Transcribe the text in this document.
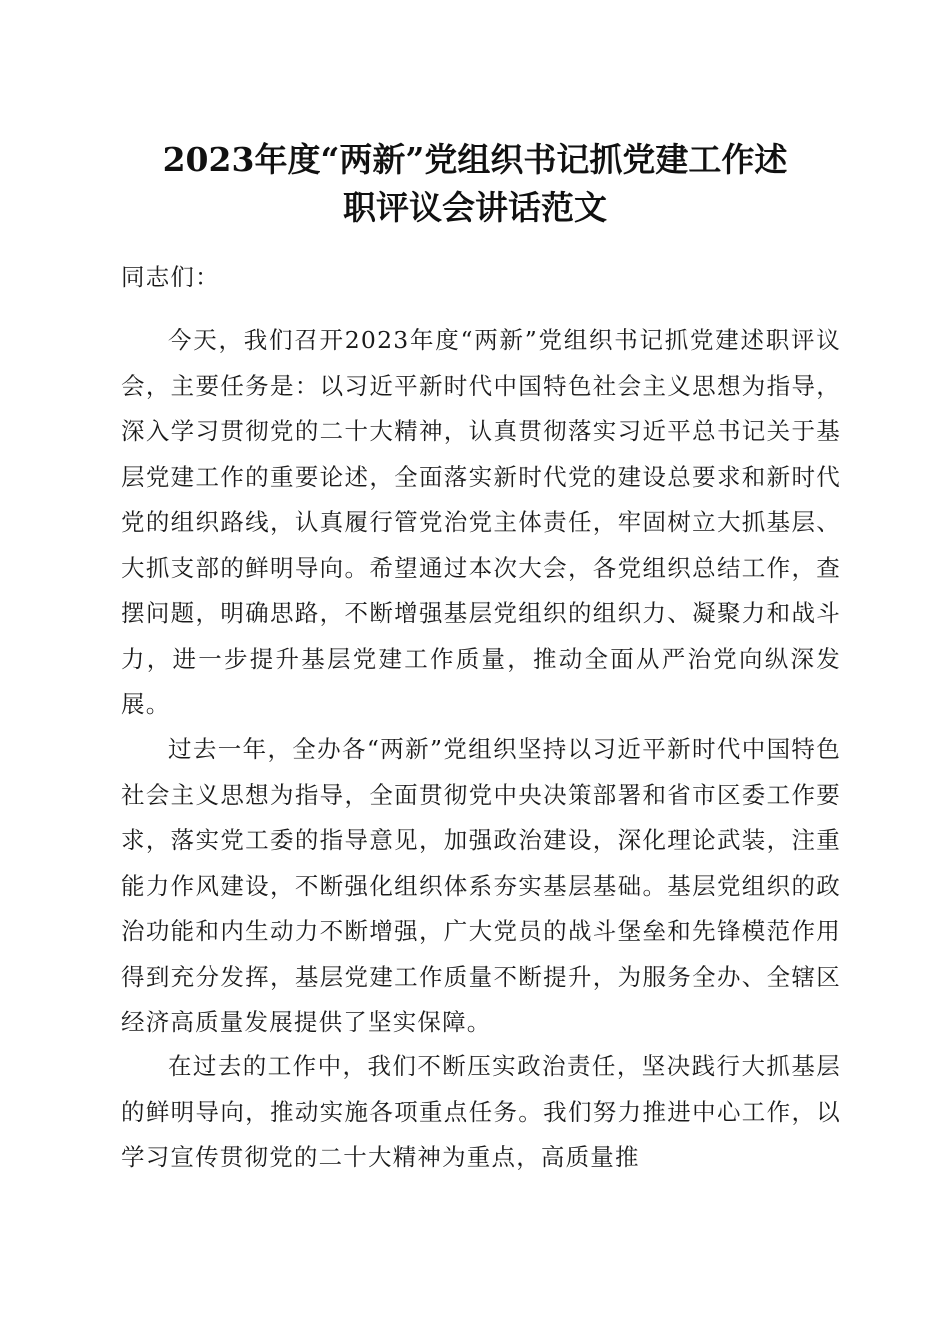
2023年度“两新”党组织书记抓党建工作述
职评议会讲话范文
同志们：

今天，我们召开2023年度“两新”党组织书记抓党建述职评议会，主要任务是：以习近平新时代中国特色社会主义思想为指导，深入学习贯彻党的二十大精神，认真贯彻落实习近平总书记关于基层党建工作的重要论述，全面落实新时代党的建设总要求和新时代党的组织路线，认真履行管党治党主体责任，牢固树立大抓基层、大抓支部的鲜明导向。希望通过本次大会，各党组织总结工作，查摆问题，明确思路，不断增强基层党组织的组织力、凝聚力和战斗力，进一步提升基层党建工作质量，推动全面从严治党向纵深发展。

过去一年，全办各“两新”党组织坚持以习近平新时代中国特色社会主义思想为指导，全面贯彻党中央决策部署和省市区委工作要求，落实党工委的指导意见，加强政治建设，深化理论武装，注重能力作风建设，不断强化组织体系夯实基层基础。基层党组织的政治功能和内生动力不断增强，广大党员的战斗堡垒和先锋模范作用得到充分发挥，基层党建工作质量不断提升，为服务全办、全辖区经济高质量发展提供了坚实保障。

在过去的工作中，我们不断压实政治责任，坚决践行大抓基层的鲜明导向，推动实施各项重点任务。我们努力推进中心工作，以学习宣传贯彻党的二十大精神为重点，高质量推
